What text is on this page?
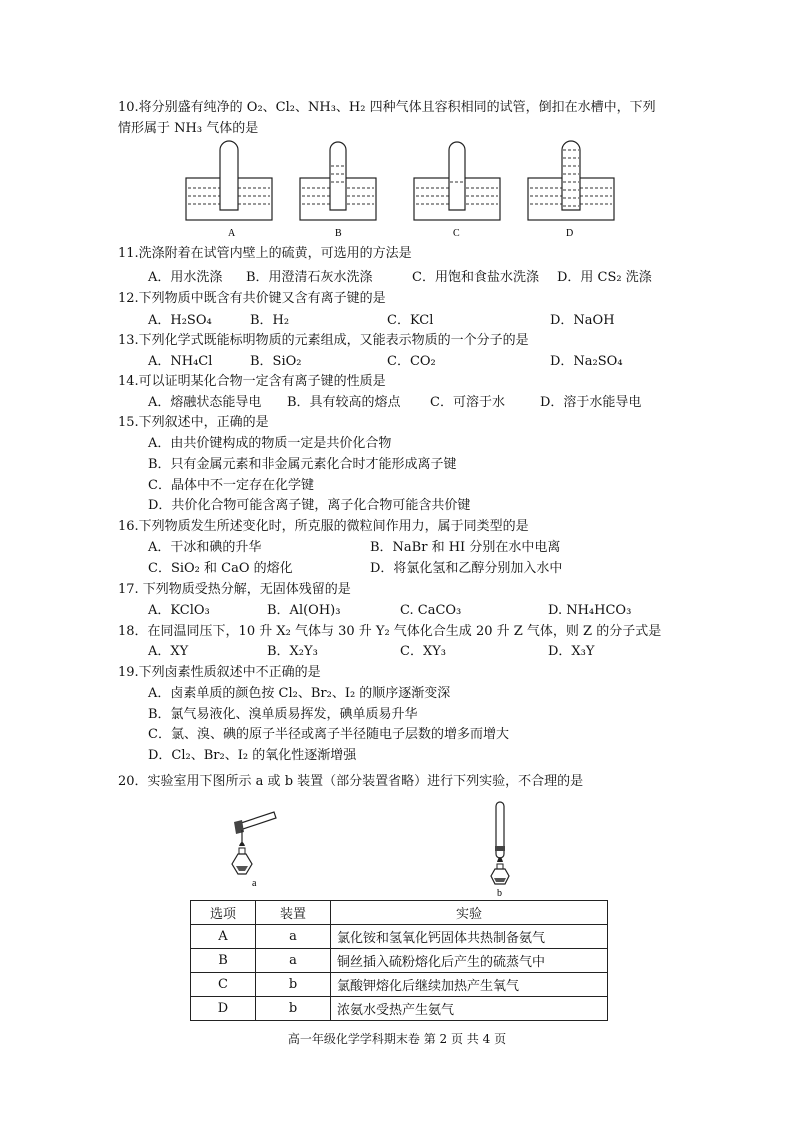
10.将分别盛有纯净的 O₂、Cl₂、NH₃、H₂ 四种气体且容积相同的试管，倒扣在水槽中，下列
情形属于 NH₃ 气体的是
A	B	C	D
11.洗涤附着在试管内壁上的硫黄，可选用的方法是
A．用水洗涤 B．用澄清石灰水洗涤	C．用饱和食盐水洗涤 D．用 CS₂ 洗涤
12.下列物质中既含有共价键又含有离子键的是
A．H₂SO₄	B．H₂	C．KCl	D．NaOH
13.下列化学式既能标明物质的元素组成，又能表示物质的一个分子的是
A．NH₄Cl	B．SiO₂	C．CO₂	D．Na₂SO₄
14.可以证明某化合物一定含有离子键的性质是
A．熔融状态能导电 B．具有较高的熔点 C．可溶于水	D．溶于水能导电
15.下列叙述中，正确的是
A．由共价键构成的物质一定是共价化合物
B．只有金属元素和非金属元素化合时才能形成离子键
C．晶体中不一定存在化学键
D．共价化合物可能含离子键，离子化合物可能含共价键
16.下列物质发生所述变化时，所克服的微粒间作用力，属于同类型的是
A．干冰和碘的升华	B．NaBr 和 HI 分别在水中电离
C．SiO₂ 和 CaO 的熔化	D．将氯化氢和乙醇分别加入水中
17. 下列物质受热分解，无固体残留的是
A．KClO₃	B．Al(OH)₃	C. CaCO₃	D. NH₄HCO₃
18．在同温同压下，10 升 X₂ 气体与 30 升 Y₂ 气体化合生成 20 升 Z 气体，则 Z 的分子式是
A．XY	B．X₂Y₃	C．XY₃	D．X₃Y
19.下列卤素性质叙述中不正确的是
A．卤素单质的颜色按 Cl₂、Br₂、I₂ 的顺序逐渐变深
B．氯气易液化、溴单质易挥发，碘单质易升华
C．氯、溴、碘的原子半径或离子半径随电子层数的增多而增大
D．Cl₂、Br₂、I₂ 的氧化性逐渐增强
20．实验室用下图所示 a 或 b 装置（部分装置省略）进行下列实验，不合理的是
a
b
选项	装置	实验
A	a	氯化铵和氢氧化钙固体共热制备氨气
B	a	铜丝插入硫粉熔化后产生的硫蒸气中
C	b	氯酸钾熔化后继续加热产生氧气
D	b	浓氨水受热产生氨气
高一年级化学学科期末卷 第 2 页 共 4 页
